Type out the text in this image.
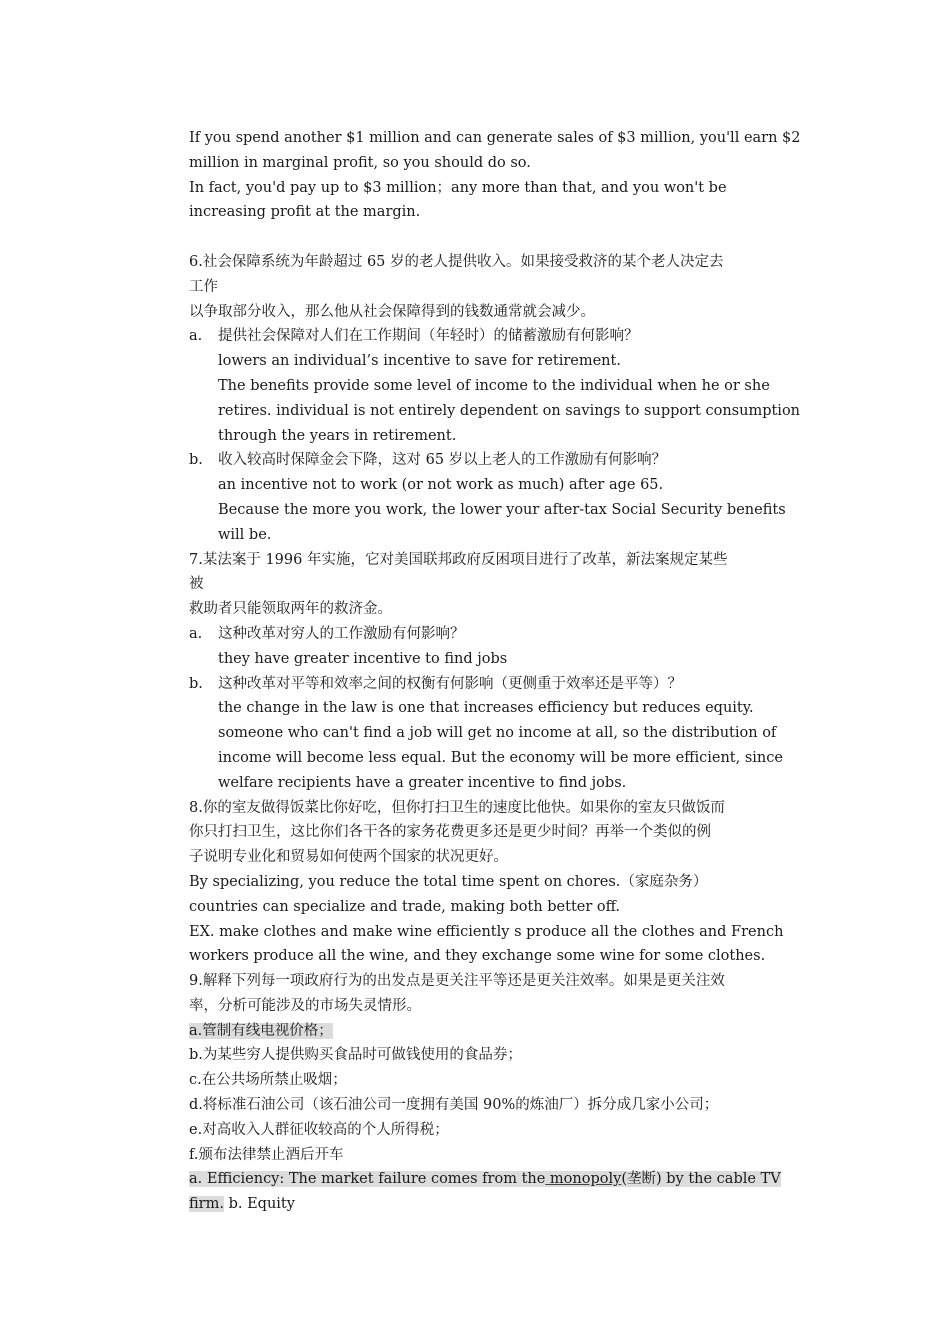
If you spend another $1 million and can generate sales of $3 million, you'll earn $2
million in marginal profit, so you should do so.
In fact, you'd pay up to $3 million；any more than that, and you won't be
increasing profit at the margin.
6.社会保障系统为年龄超过 65 岁的老人提供收入。如果接受救济的某个老人决定去
工作
以争取部分收入，那么他从社会保障得到的钱数通常就会减少。
a.	提供社会保障对人们在工作期间（年轻时）的储蓄激励有何影响？
lowers an individual’s incentive to save for retirement.
The benefits provide some level of income to the individual when he or she
retires. individual is not entirely dependent on savings to support consumption
through the years in retirement.
b.	收入较高时保障金会下降，这对 65 岁以上老人的工作激励有何影响？
an incentive not to work (or not work as much) after age 65.
Because the more you work, the lower your after-tax Social Security benefits
will be.
7.某法案于 1996 年实施，它对美国联邦政府反困项目进行了改革，新法案规定某些
被
救助者只能领取两年的救济金。
a.	这种改革对穷人的工作激励有何影响？
they have greater incentive to find jobs
b.	这种改革对平等和效率之间的权衡有何影响（更侧重于效率还是平等）？
the change in the law is one that increases efficiency but reduces equity.
someone who can't find a job will get no income at all, so the distribution of
income will become less equal. But the economy will be more efficient, since
welfare recipients have a greater incentive to find jobs.
8.你的室友做得饭菜比你好吃，但你打扫卫生的速度比他快。如果你的室友只做饭而
你只打扫卫生，这比你们各干各的家务花费更多还是更少时间？再举一个类似的例
子说明专业化和贸易如何使两个国家的状况更好。
By specializing, you reduce the total time spent on chores.（家庭杂务）
countries can specialize and trade, making both better off.
EX. make clothes and make wine efficiently s produce all the clothes and French
workers produce all the wine, and they exchange some wine for some clothes.
9.解释下列每一项政府行为的出发点是更关注平等还是更关注效率。如果是更关注效
率，分析可能涉及的市场失灵情形。
a.管制有线电视价格；
b.为某些穷人提供购买食品时可做钱使用的食品券；
c.在公共场所禁止吸烟；
d.将标准石油公司（该石油公司一度拥有美国 90%的炼油厂）拆分成几家小公司；
e.对高收入人群征收较高的个人所得税；
f.颁布法律禁止酒后开车
a. Efficiency: The market failure comes from the monopoly(垄断) by the cable TV
firm. b. Equity
